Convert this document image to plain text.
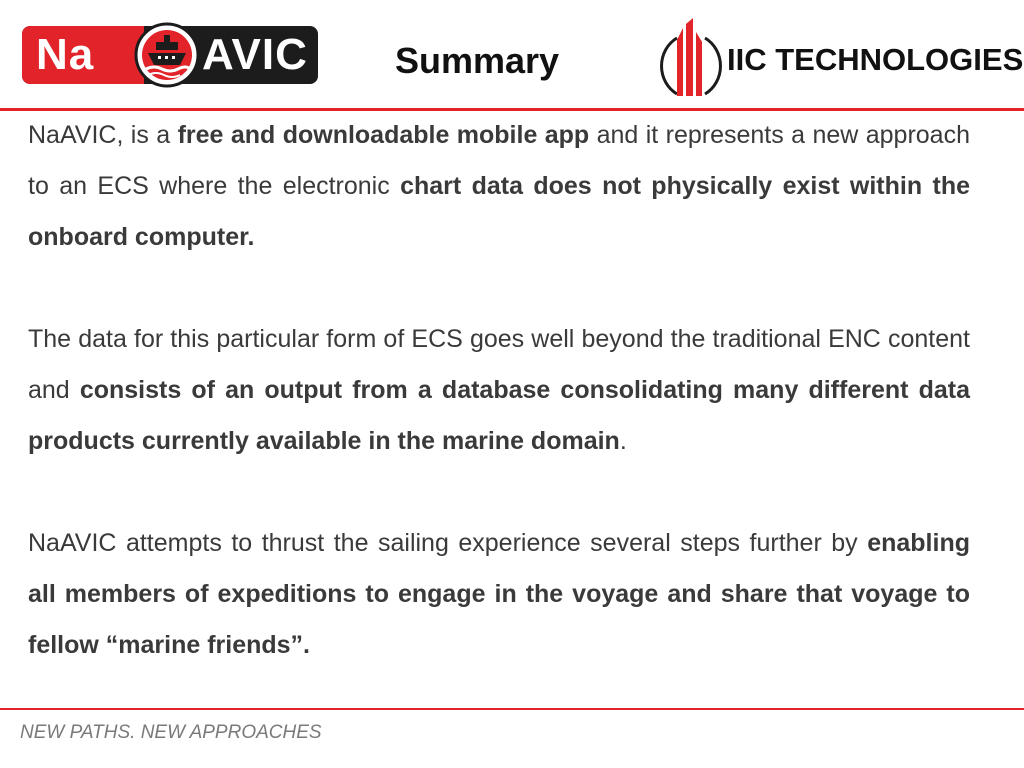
Na AVIC Summary	IIC TECHNOLOGIES

NaAVIC, is a free and downloadable mobile app and it represents a new approach to an ECS where the electronic chart data does not physically exist within the onboard computer.

The data for this particular form of ECS goes well beyond the traditional ENC content and consists of an output from a database consolidating many different data products currently available in the marine domain.

NaAVIC attempts to thrust the sailing experience several steps further by enabling all members of expeditions to engage in the voyage and share that voyage to fellow “marine friends”.

NEW PATHS. NEW APPROACHES
